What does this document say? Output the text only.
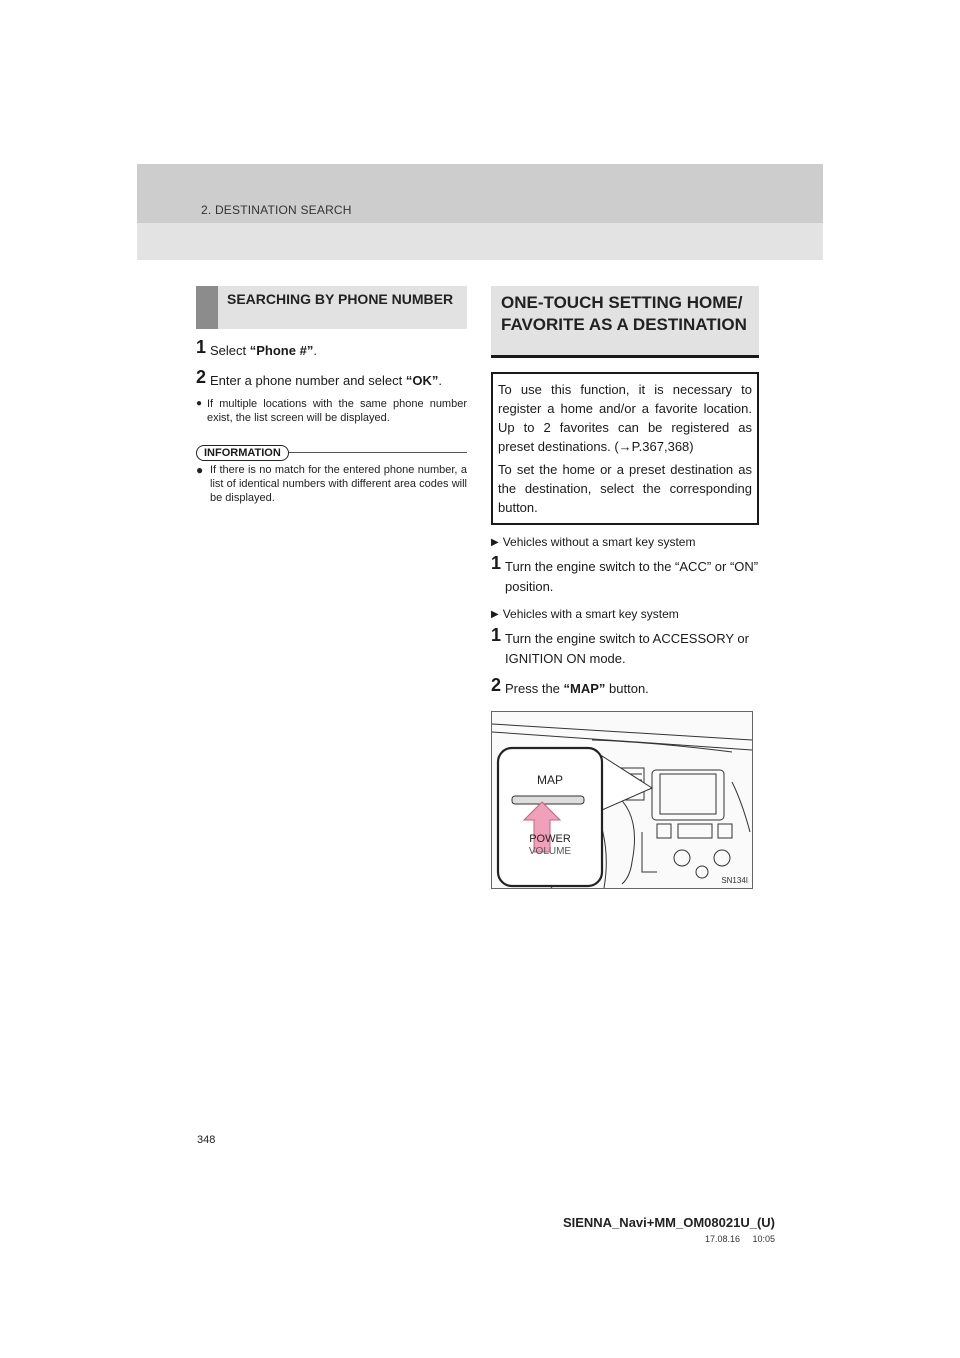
2. DESTINATION SEARCH
SEARCHING BY PHONE NUMBER
1 Select “Phone #”.
2 Enter a phone number and select “OK”.
● If multiple locations with the same phone number exist, the list screen will be displayed.
INFORMATION
● If there is no match for the entered phone number, a list of identical numbers with different area codes will be displayed.
ONE-TOUCH SETTING HOME/ FAVORITE AS A DESTINATION

To use this function, it is necessary to register a home and/or a favorite location. Up to 2 favorites can be registered as preset destinations. (→P.367,368)

To set the home or a preset destination as the destination, select the corresponding button.

▶ Vehicles without a smart key system
1 Turn the engine switch to the “ACC” or “ON” position.
▶ Vehicles with a smart key system
1 Turn the engine switch to ACCESSORY or IGNITION ON mode.
2 Press the “MAP” button.
MAP
POWER
VOLUME
SN134I
348
SIENNA_Navi+MM_OM08021U_(U)
17.08.16     10:05
